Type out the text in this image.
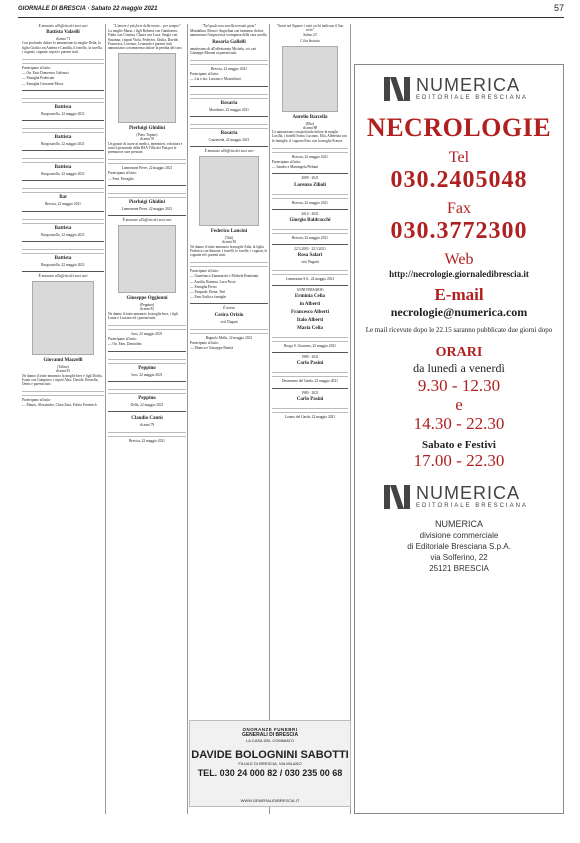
GIORNALE DI BRESCIA · Sabato 22 maggio 2021	57

È mancato all'affetto dei suoi cari

Battista Valzelli
di anni 71

Con profondo dolore lo annunciano la moglie Delia, la figlia Giulia con Andrea e Camilla, il fratello, la sorella, i cognati, cognate, nipoti e parenti tutti.

Partecipano al lutto:

— On. Ezio Domenico Galeazzi

— Famiglia Pedercani

— Famiglia Giovanni Mosci

Battista
Borgosatollo, 22 maggio 2021
Battista
Borgosatollo, 22 maggio 2021
Battista
Borgosatollo, 22 maggio 2021
Bat
Brescia, 22 maggio 2021
Battista
Borgosatollo, 22 maggio 2021
Battista
Borgosatollo, 22 maggio 2021

È mancato all'affetto dei suoi cari

Giovanni Mazzelli
(Talino)
di anni 81

Ne danno il triste annuncio la moglie Ines e figli Dorlia, Ivano con Gianpiero, i nipoti Alex, Davide, Rossella, Denis e parenti tutti.

Partecipano al lutto:

— Mauro, Alessandro, Clara Zani, Fulvia Frerenich

"L'amore è più forte della morte... per sempre"

La moglie Maria, i figli Roberta con Gianfranco, Fabio con Cristina, Chiara con Luca, Sergio con Susanna, i nipoti Viola, Federico, Giulia, Davide, Francesca, Lorenzo, Leonardo e parenti tutti annunciano con immenso dolore la perdita del caro

Pierluigi Ghidini
(Piero Topino)
di anni 70

Un grazie di cuore ai medici, infermieri, volontari e tutto il personale della RSA Villa dei Pini per le premurose cure prestate.

Lumezzane Pieve, 22 maggio 2021

Partecipano al lutto:

— Fam. Ferraglio

Pierluigi Ghidini
Lumezzane Pieve, 22 maggio 2021

È mancato all'affetto dei suoi cari

Giuseppe Oggionni
(Peppino)
di anni 81

Ne danno il triste annuncio la moglie Ines, i figli Laura e Luciano ed i parenti tutti.

Iseo, 22 maggio 2021

Partecipano al lutto:

— On. Fam. Damiolini

Peppino
Iseo, 22 maggio 2021
Peppino
Della, 22 maggio 2021
Claudio Cantù
di anni 79
Brescia, 22 maggio 2021

"Nel quale una sorella trovasti gioia"

Mondalina, Elena e Angiolina con immenso dolore annunciano l'improvvisa scomparsa della cara sorella

Rosaria Gallelli

amatissimo di all'affezionata Michela, coi cari Giuseppe Moroni ai parenti tutti.

Brescia, 22 maggio 2021

Partecipano al lutto:

— Lia e zia, Luciano e Montichiari

Rosaria
Mondione, 22 maggio 2021
Rosaria
Cazzaveda, 22 maggio 2021

È mancato all'affetto dei suoi cari

Federico Lancini
(Titti)
di anni 83

Ne danno il triste annuncio la moglie Aida, la figlia Federica con Simone, i fratelli, le sorelle, i cognati, le cognate ed i parenti tutti.

Partecipano al lutto:

— Gianfranco Zammarchi e Michele Bonitanni

— Aurilia, Romina, Luca Pusoi

— Famiglia Pietro

— Pasquale, Elena, Tetè

— Fam Giulia e famiglie

È morta

Cesira Orizio
ved. Dagani

Bagnolo Mella, 22 maggio 2021

Partecipano al lutto:

— Monica e Giuseppe Bonirà

"Sarai nel Signore i miei occhi indicava il Suo cielo"

Salmo 23

Ci ha lasciato

Aurelio Barcella
(Elio)
di anni 88

Lo annunciano con profondo dolore la moglie Lucilla, i fratelli Ivano, Luciano, Elia, Albertina con le famiglie, il cognato Ezio con la moglie Franca.

Brescia, 22 maggio 2021

Partecipano al lutto:

— Sandro e Mariangela Plebani

2009 - 2021
Lorenzo Zilioli
Brescia, 22 maggio 2021
2014 - 2021
Giorgio Baldracchi
Brescia, 22 maggio 2021
22.5.2003 - 22.5.2021
Rosa Salari
ved. Bugatti
Lumezzane S.S., 22 maggio 2021
ANNIVERSARIO
Erminia Celia
in Alberti
Francesco Alberti
Italo Alberti
Maria Celia
Borgo S. Giacomo, 22 maggio 2021
1980 - 2021
Carlo Pasini
Desenzano del Garda, 22 maggio 2021
1980 - 2021
Carlo Pasini
Lonato del Garda, 22 maggio 2021
ONORANZE FUNEBRI
GENERALI DI BRESCIA
LA CASA DEL COMMIATO
DAVIDE BOLOGNINI SABOTTI
FILIALE DI BRESCIA, VIA MILANO
TEL. 030 24 000 82 / 030 235 00 68
WWW.GENERALIDIBRESCIA.IT
NUMERICA
EDITORIALE BRESCIANA
NECROLOGIE
Tel
030.2405048
Fax
030.3772300
Web
http://necrologie.giornaledibrescia.it
E-mail
necrologie@numerica.com
Le mail ricevute dopo le 22.15 saranno pubblicate due giorni dopo
ORARI
da lunedì a venerdì
9.30 - 12.30
e
14.30 - 22.30
Sabato e Festivi
17.00 - 22.30
NUMERICA
EDITORIALE BRESCIANA
NUMERICA
divisione commerciale
di Editoriale Bresciana S.p.A.
via Solferino, 22
25121 BRESCIA
